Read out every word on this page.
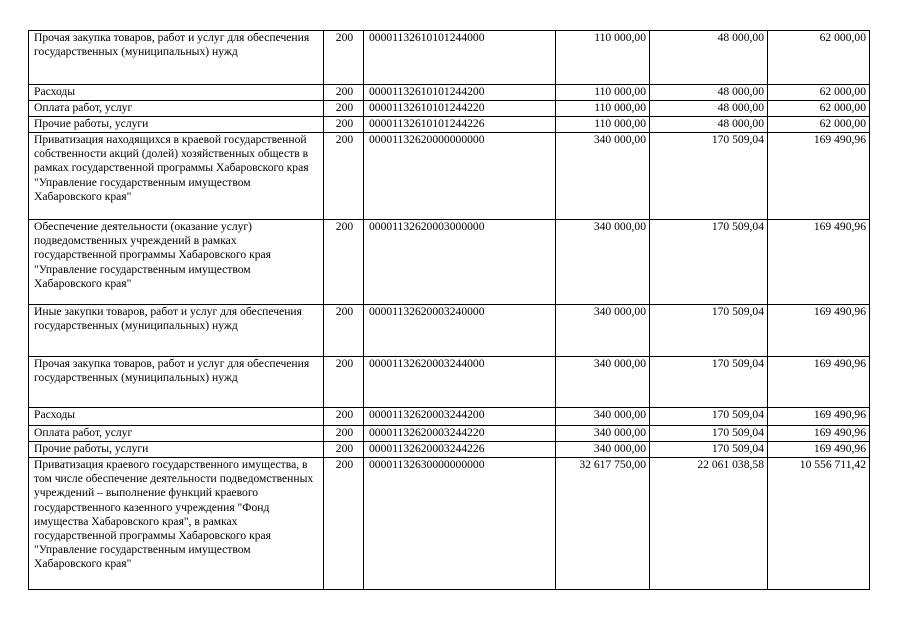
Прочая закупка товаров, работ и услуг для обеспечения государственных (муниципальных) нужд	200	00001132610101244000	110 000,00	48 000,00	62 000,00
Расходы	200	00001132610101244200	110 000,00	48 000,00	62 000,00
Оплата работ, услуг	200	00001132610101244220	110 000,00	48 000,00	62 000,00
Прочие работы, услуги	200	00001132610101244226	110 000,00	48 000,00	62 000,00
Приватизация находящихся в краевой государственной собственности акций (долей) хозяйственных обществ в рамках государственной программы Хабаровского края "Управление государственным имуществом Хабаровского края"	200	00001132620000000000	340 000,00	170 509,04	169 490,96
Обеспечение деятельности (оказание услуг) подведомственных учреждений в рамках государственной программы Хабаровского края "Управление государственным имуществом Хабаровского края"	200	00001132620003000000	340 000,00	170 509,04	169 490,96
Иные закупки товаров, работ и услуг для обеспечения государственных (муниципальных) нужд	200	00001132620003240000	340 000,00	170 509,04	169 490,96
Прочая закупка товаров, работ и услуг для обеспечения государственных (муниципальных) нужд	200	00001132620003244000	340 000,00	170 509,04	169 490,96
Расходы	200	00001132620003244200	340 000,00	170 509,04	169 490,96
Оплата работ, услуг	200	00001132620003244220	340 000,00	170 509,04	169 490,96
Прочие работы, услуги	200	00001132620003244226	340 000,00	170 509,04	169 490,96
Приватизация краевого государственного имущества, в том числе обеспечение деятельности подведомственных учреждений – выполнение функций краевого государственного казенного учреждения "Фонд имущества Хабаровского края", в рамках государственной программы Хабаровского края "Управление государственным имуществом Хабаровского края"	200	00001132630000000000	32 617 750,00	22 061 038,58	10 556 711,42
